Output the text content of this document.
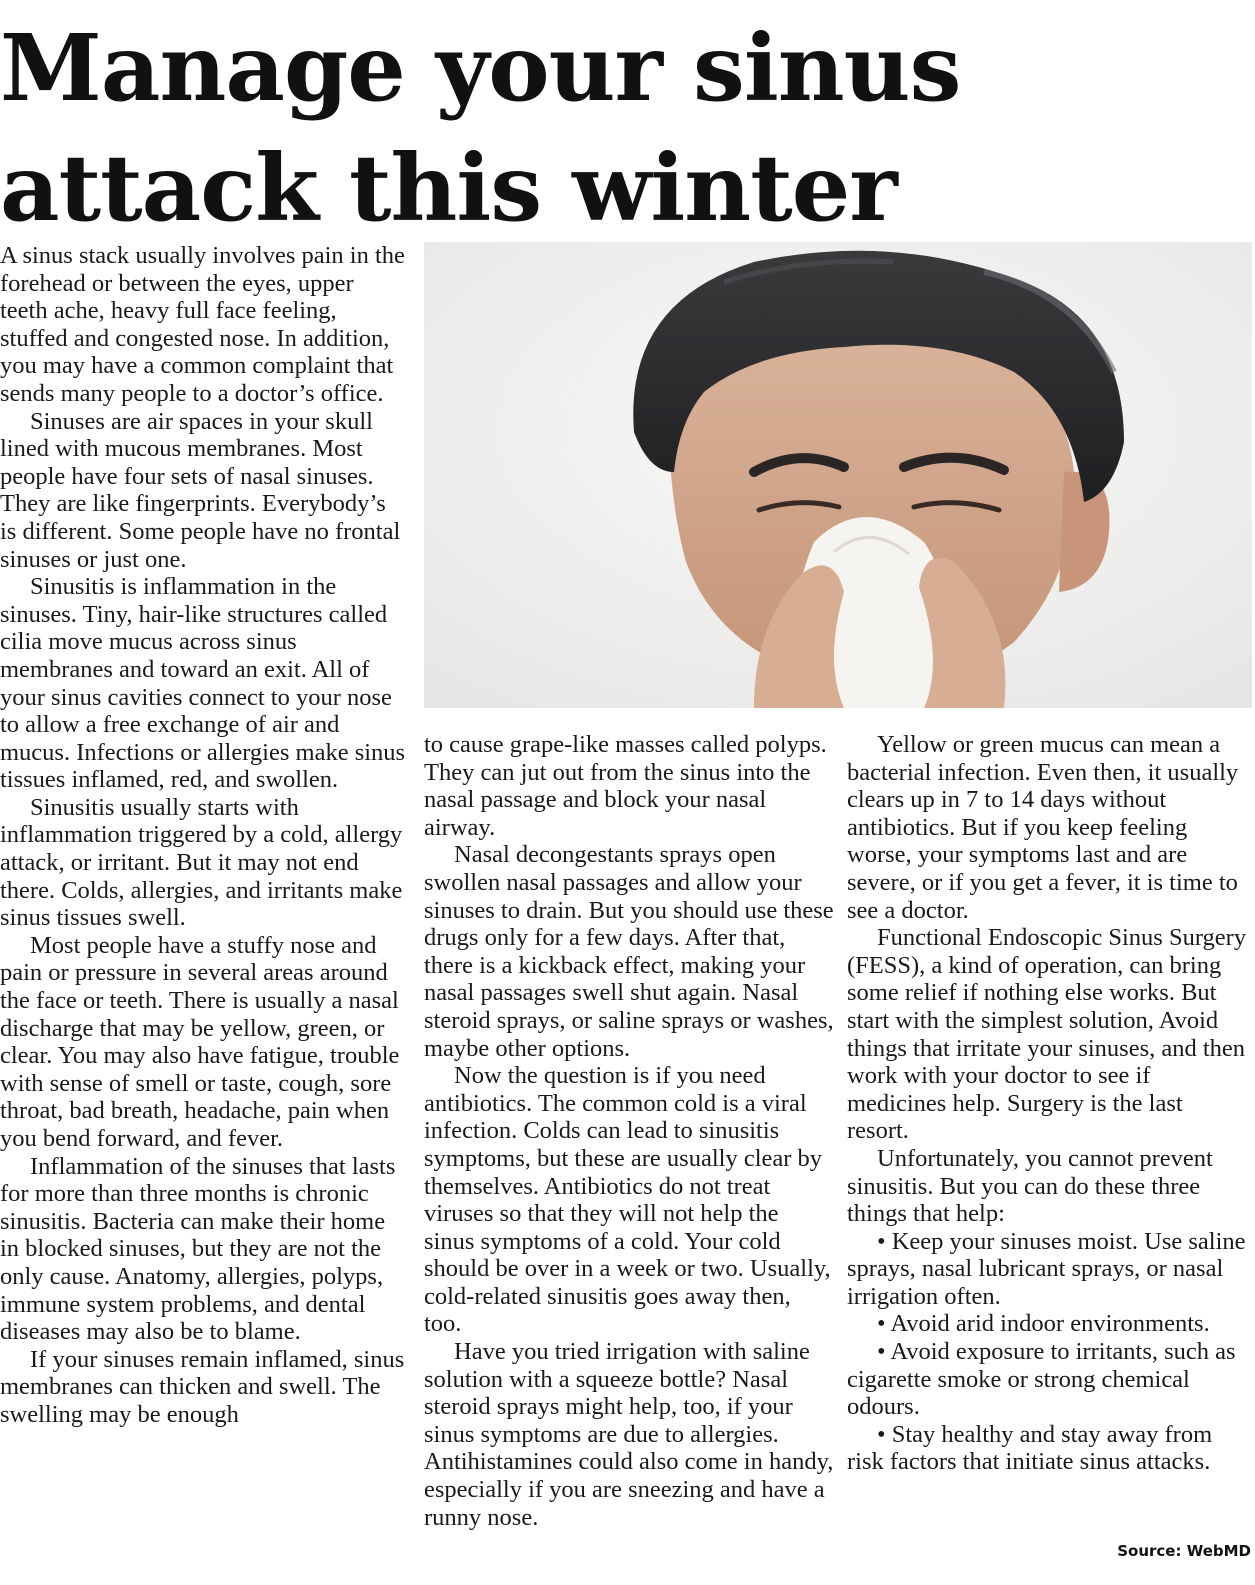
Manage your sinus attack this winter

A sinus stack usually involves pain in the forehead or between the eyes, upper teeth ache, heavy full face feeling, stuffed and congested nose. In addition, you may have a common complaint that sends many people to a doctor’s office.

Sinuses are air spaces in your skull lined with mucous membranes. Most people have four sets of nasal sinuses. They are like fingerprints. Everybody’s is different. Some people have no frontal sinuses or just one.

Sinusitis is inflammation in the sinuses. Tiny, hair-like structures called cilia move mucus across sinus membranes and toward an exit. All of your sinus cavities connect to your nose to allow a free exchange of air and mucus. Infections or allergies make sinus tissues inflamed, red, and swollen.

Sinusitis usually starts with inflammation triggered by a cold, allergy attack, or irritant. But it may not end there. Colds, allergies, and irritants make sinus tissues swell.

Most people have a stuffy nose and pain or pressure in several areas around the face or teeth. There is usually a nasal discharge that may be yellow, green, or clear. You may also have fatigue, trouble with sense of smell or taste, cough, sore throat, bad breath, headache, pain when you bend forward, and fever.

Inflammation of the sinuses that lasts for more than three months is chronic sinusitis. Bacteria can make their home in blocked sinuses, but they are not the only cause. Anatomy, allergies, polyps, immune system problems, and dental diseases may also be to blame.

If your sinuses remain inflamed, sinus membranes can thicken and swell. The swelling may be enough

to cause grape-like masses called polyps. They can jut out from the sinus into the nasal passage and block your nasal airway.

Nasal decongestants sprays open swollen nasal passages and allow your sinuses to drain. But you should use these drugs only for a few days. After that, there is a kickback effect, making your nasal passages swell shut again. Nasal steroid sprays, or saline sprays or washes, maybe other options.

Now the question is if you need antibiotics. The common cold is a viral infection. Colds can lead to sinusitis symptoms, but these are usually clear by themselves. Antibiotics do not treat viruses so that they will not help the sinus symptoms of a cold. Your cold should be over in a week or two. Usually, cold-related sinusitis goes away then, too.

Have you tried irrigation with saline solution with a squeeze bottle? Nasal steroid sprays might help, too, if your sinus symptoms are due to allergies. Antihistamines could also come in handy, especially if you are sneezing and have a runny nose.

Yellow or green mucus can mean a bacterial infection. Even then, it usually clears up in 7 to 14 days without antibiotics. But if you keep feeling worse, your symptoms last and are severe, or if you get a fever, it is time to see a doctor.

Functional Endoscopic Sinus Surgery (FESS), a kind of operation, can bring some relief if nothing else works. But start with the simplest solution, Avoid things that irritate your sinuses, and then work with your doctor to see if medicines help. Surgery is the last resort.

Unfortunately, you cannot prevent sinusitis. But you can do these three things that help:

• Keep your sinuses moist. Use saline sprays, nasal lubricant sprays, or nasal irrigation often.

• Avoid arid indoor environments.

• Avoid exposure to irritants, such as cigarette smoke or strong chemical odours.

• Stay healthy and stay away from risk factors that initiate sinus attacks.

Source: WebMD
